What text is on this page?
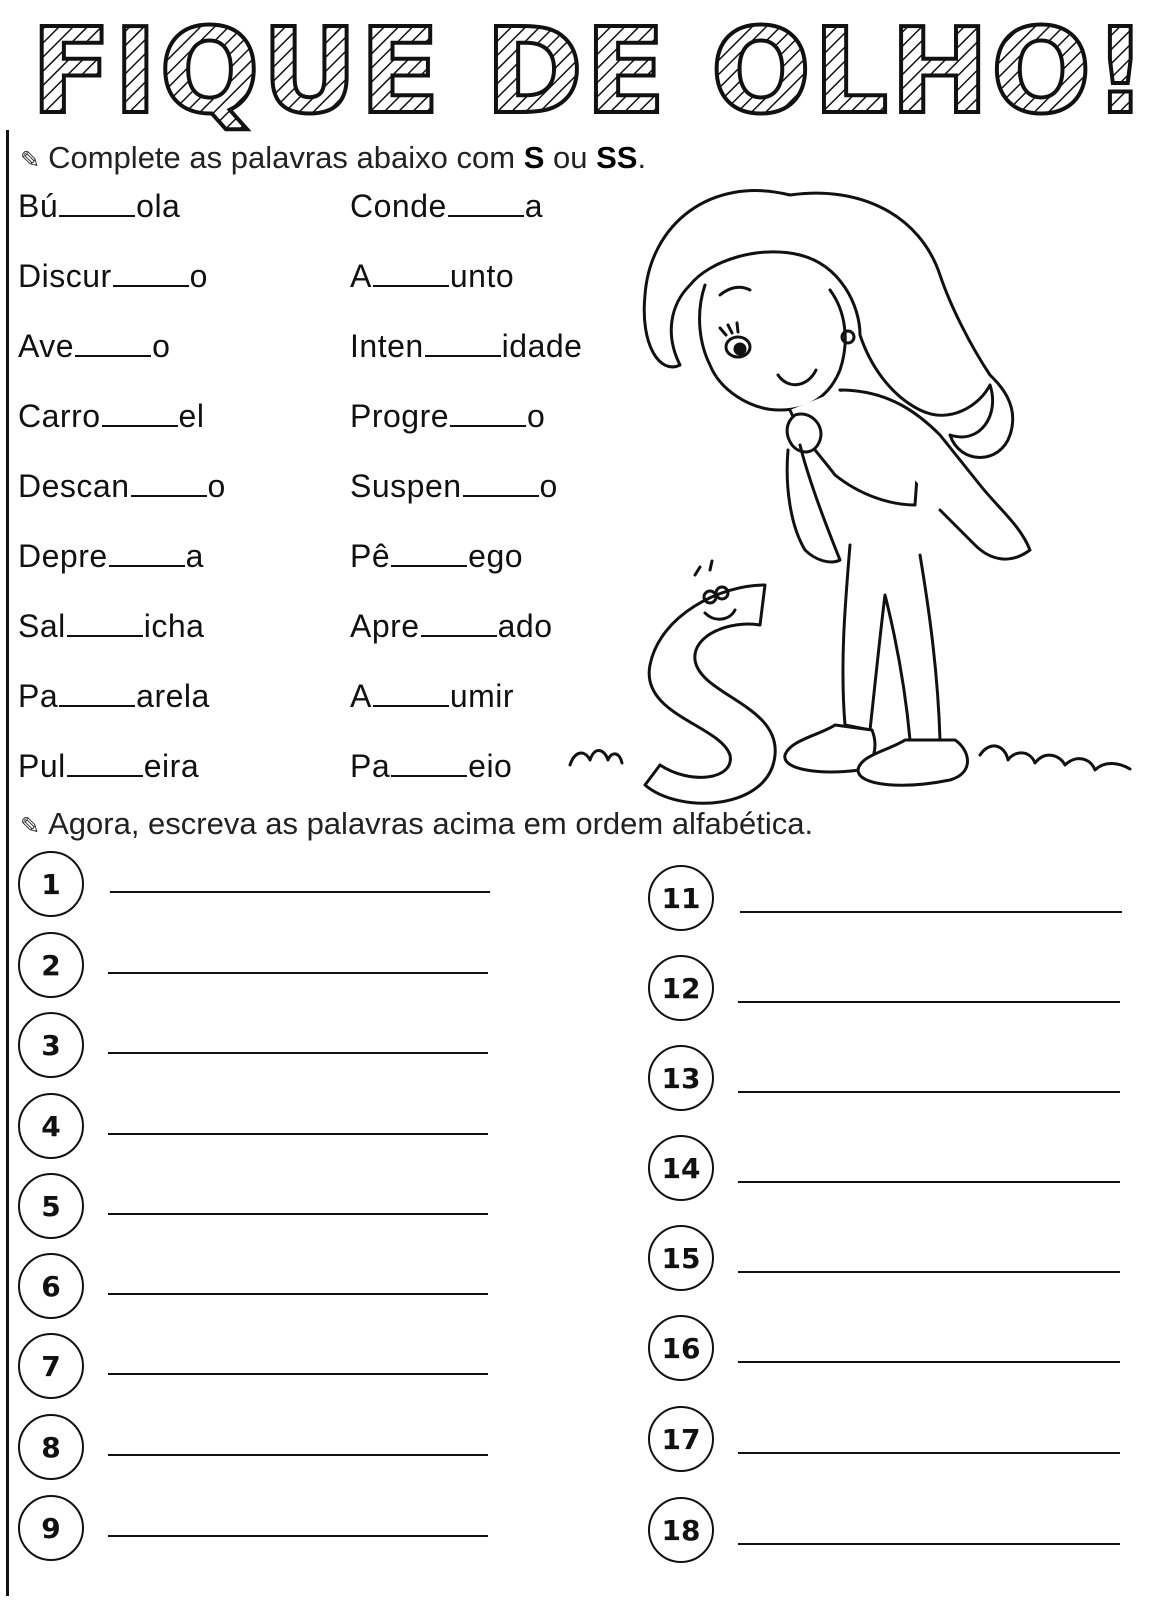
FIQUE DE OLHO!
✎ Complete as palavras abaixo com S ou SS.
Bú ola
Discur o
Ave o
Carro el
Descan o
Depre a
Sal icha
Pa arela
Pul eira
Conde a
A unto
Inten idade
Progre o
Suspen o
Pê ego
Apre ado
A umir
Pa eio
✎ Agora, escreva as palavras acima em ordem alfabética.
1
2
3
4
5
6
7
8
9
11
12
13
14
15
16
17
18
